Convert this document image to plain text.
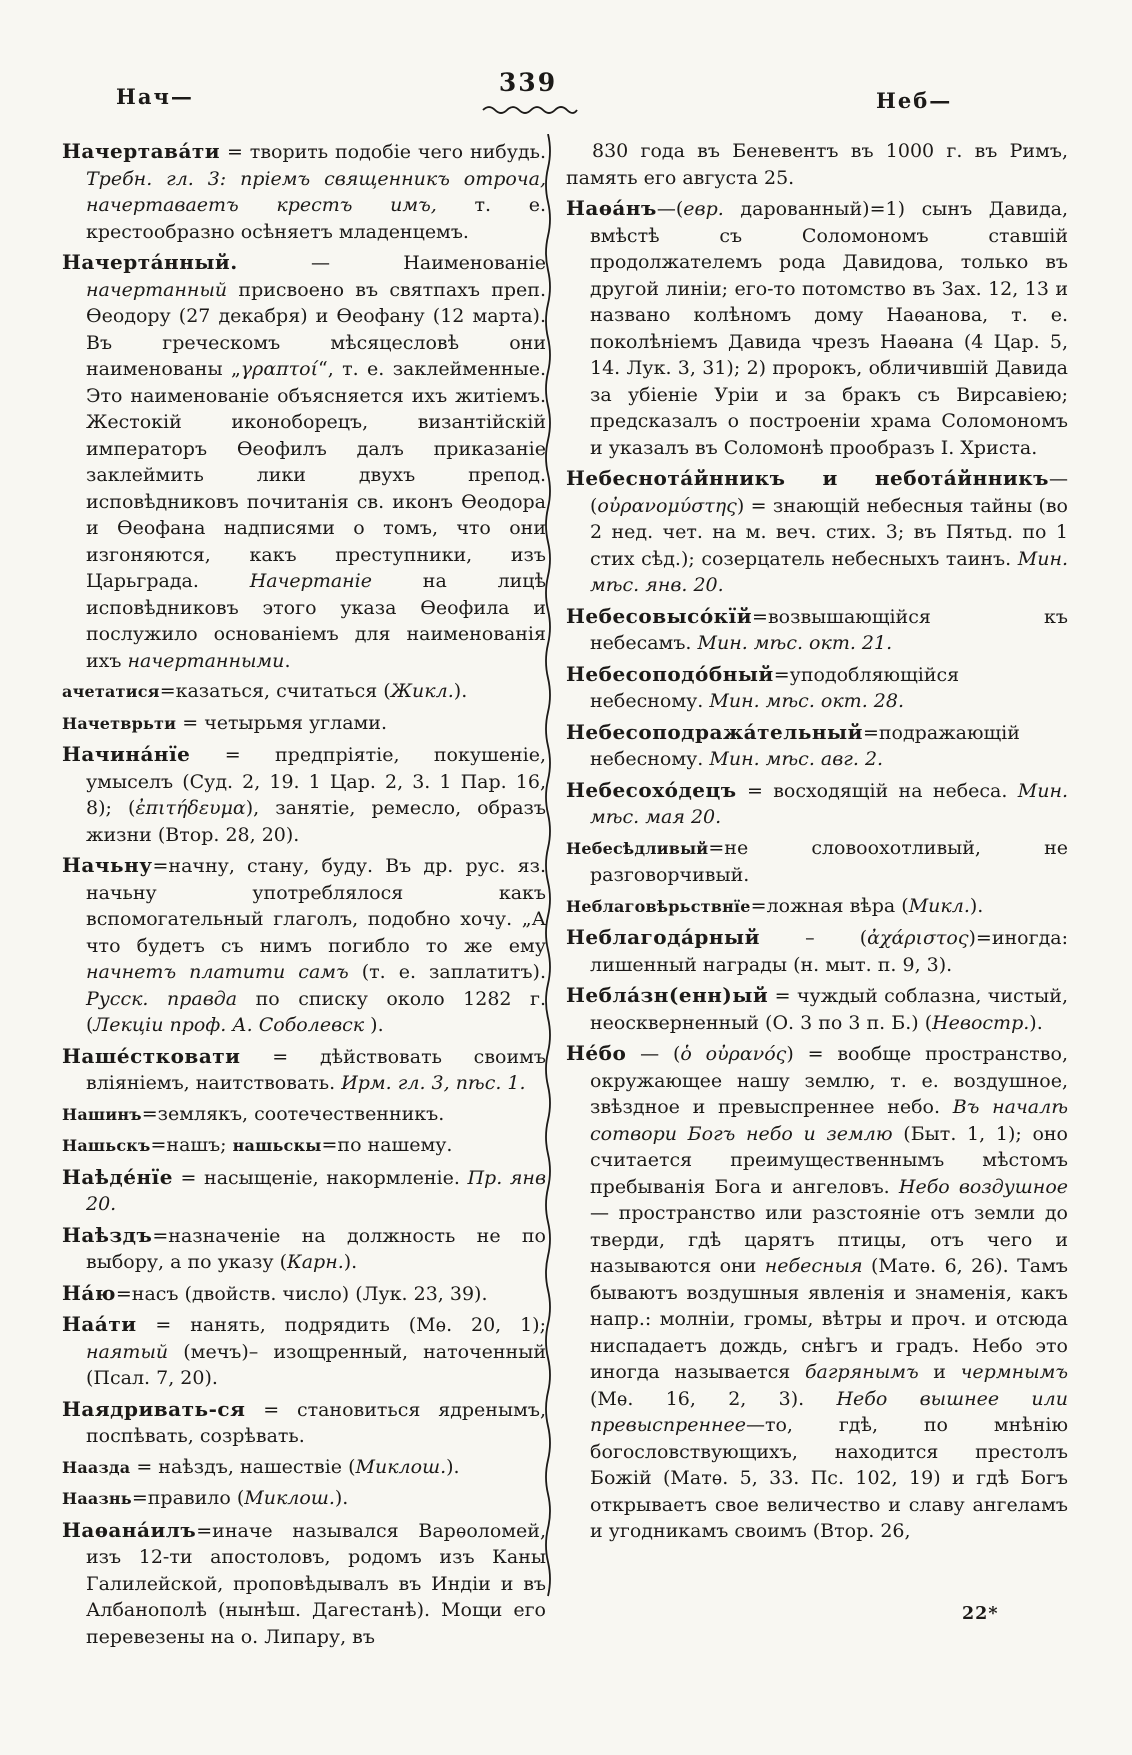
339
Нач—	Неб—

Начертава́ти = творить подобіе чего нибудь. Требн. гл. 3: пріемъ священникъ отроча, начертаваетъ крестъ имъ, т. е. крестообразно осѣняетъ младенцемъ.

Начерта́нный. — Наименованіе начертанный присвоено въ святпахъ преп. Ѳеодору (27 декабря) и Ѳеофану (12 марта). Въ греческомъ мѣсяцесловѣ они наименованы „γραπτοί“, т. е. заклейменные. Это наименованіе объясняется ихъ житіемъ. Жестокій иконоборецъ, византійскій императоръ Ѳеофилъ далъ приказаніе заклеймить лики двухъ препод. исповѣдниковъ почитанія св. иконъ Ѳеодора и Ѳеофана надписями о томъ, что они изгоняются, какъ преступники, изъ Царьграда. Начертаніе на лицѣ исповѣдниковъ этого указа Ѳеофила и послужило основаніемъ для наименованія ихъ начертанными.

ачетатися=казаться, считаться (Жикл.).

Начетврьти = четырьмя углами.

Начина́нїе = предпріятіе, покушеніе, умыселъ (Суд. 2, 19. 1 Цар. 2, 3. 1 Пар. 16, 8); (ἐπιτήδευμα), занятіе, ремесло, образъ жизни (Втор. 28, 20).

Начьну=начну, стану, буду. Въ др. рус. яз. начьну употреблялося какъ вспомогательный глаголъ, подобно хочу. „А что будетъ съ нимъ погибло то же ему начнетъ платити самъ (т. е. заплатитъ). Русск. правда по списку около 1282 г. (Лекціи проф. А. Соболевск ).

Наше́стковати = дѣйствовать своимъ вліяніемъ, наитствовать. Ирм. гл. 3, пѣс. 1.

Нашинъ=землякъ, соотечественникъ.

Нашьскъ=нашъ; нашьскы=по нашему.

Наѣде́нїе = насыщеніе, накормленіе. Пр. янв 20.

Наѣздъ=назначеніе на должность не по выбору, а по указу (Карн.).

На́ю=насъ (двойств. число) (Лук. 23, 39).

Наа́ти = нанять, подрядить (Мѳ. 20, 1); наятый (мечъ)– изощренный, наточенный (Псал. 7, 20).

Наядривать-ся = становиться ядренымъ, поспѣвать, созрѣвать.

Наазда = наѣздъ, нашествіе (Миклош.).

Наазнь=правило (Миклош.).

Наѳана́илъ=иначе назывался Варѳоломей, изъ 12-ти апостоловъ, родомъ изъ Каны Галилейской, проповѣдывалъ въ Индіи и въ Албанополѣ (нынѣш. Дагестанѣ). Мощи его перевезены на о. Липару, въ

830 года въ Беневентъ въ 1000 г. въ Римъ, память его августа 25.

Наѳа́нъ—(евр. дарованный)=1) сынъ Давида, вмѣстѣ съ Соломономъ ставшій продолжателемъ рода Давидова, только въ другой линіи; его-то потомство въ Зах. 12, 13 и названо колѣномъ дому Наѳанова, т. е. поколѣніемъ Давида чрезъ Наѳана (4 Цар. 5, 14. Лук. 3, 31); 2) пророкъ, обличившій Давида за убіеніе Уріи и за бракъ съ Вирсавіею; предсказалъ о построеніи храма Соломономъ и указалъ въ Соломонѣ прообразъ I. Христа.

Небеснота́йнникъ и небота́йнникъ—(οὐρανομύστης) = знающій небесныя тайны (во 2 нед. чет. на м. веч. стих. 3; въ Пятьд. по 1 стих сѣд.); созерцатель небесныхъ таинъ. Мин. мѣс. янв. 20.

Небесовысо́кїй=возвышающійся къ небесамъ. Мин. мѣс. окт. 21.

Небесоподо́бный=уподобляющійся небесному. Мин. мѣс. окт. 28.

Небесоподража́тельный=подражающій небесному. Мин. мѣс. авг. 2.

Небесохо́децъ = восходящій на небеса. Мин. мѣс. мая 20.

Небесѣдливый=не словоохотливый, не разговорчивый.

Неблаговѣрьствнїе=ложная вѣра (Микл.).

Неблагода́рный – (ἀχάριστος)=иногда: лишенный награды (н. мыт. п. 9, 3).

Небла́зн(енн)ый = чуждый соблазна, чистый, неоскверненный (О. 3 по 3 п. Б.) (Невостр.).

Не́бо — (ὁ οὐρανός) = вообще пространство, окружающее нашу землю, т. е. воздушное, звѣздное и превыспреннее небо. Въ началѣ сотвори Богъ небо и землю (Быт. 1, 1); оно считается преимущественнымъ мѣстомъ пребыванія Бога и ангеловъ. Небо воздушное — пространство или разстояніе отъ земли до тверди, гдѣ царятъ птицы, отъ чего и называются они небесныя (Матѳ. 6, 26). Тамъ бываютъ воздушныя явленія и знаменія, какъ напр.: молніи, громы, вѣтры и проч. и отсюда ниспадаетъ дождь, снѣгъ и градъ. Небо это иногда называется багрянымъ и чермнымъ (Мѳ. 16, 2, 3). Небо вышнее или превыспреннее—то, гдѣ, по мнѣнію богословствующихъ, находится престолъ Божій (Матѳ. 5, 33. Пс. 102, 19) и гдѣ Богъ открываетъ свое величество и славу ангеламъ и угодникамъ своимъ (Втор. 26,

22*
